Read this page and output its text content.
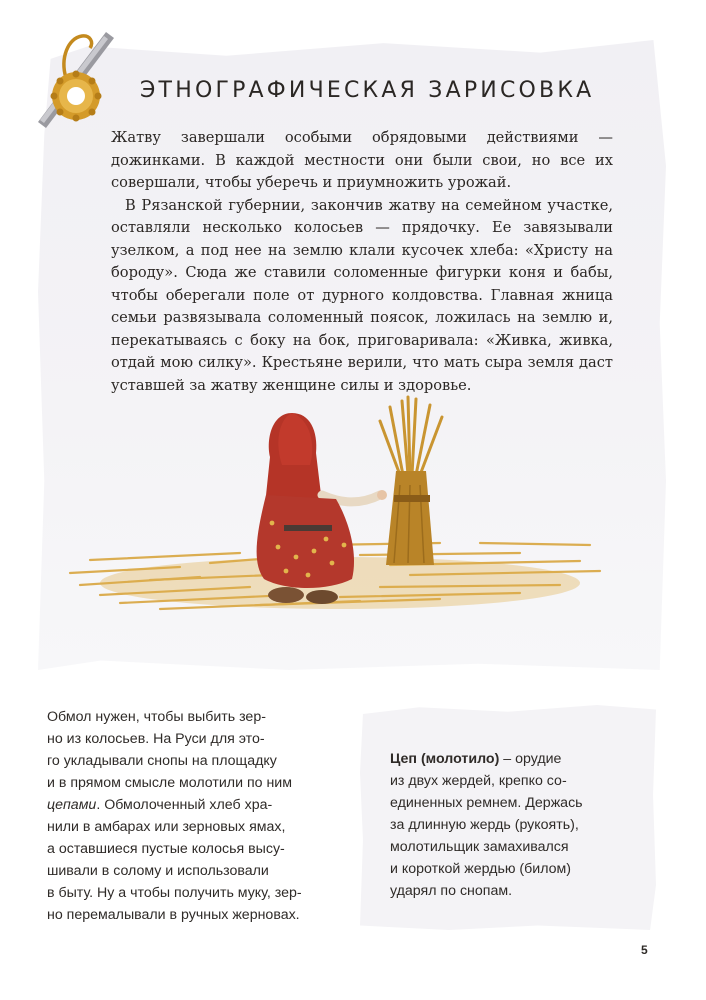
ЭТНОГРАФИЧЕСКАЯ ЗАРИСОВКА

Жатву завершали особыми обрядовыми действиями — дожинками. В каждой местности они были свои, но все их совершали, чтобы уберечь и приумножить урожай.

В Рязанской губернии, закончив жатву на семейном участке, оставляли несколько колосьев — прядочку. Ее завязывали узелком, а под нее на землю клали кусочек хлеба: «Христу на бороду». Сюда же ставили соломенные фигурки коня и бабы, чтобы оберегали поле от дурного колдовства. Главная жница семьи развязывала соломенный поясок, ложилась на землю и, перекатываясь с боку на бок, приговаривала: «Живка, живка, отдай мою силку». Крестьяне верили, что мать сыра земля даст уставшей за жатву женщине силы и здоровье.

Обмол нужен, чтобы выбить зер-
но из колосьев. На Руси для это-
го укладывали снопы на площадку
и в прямом смысле молотили по ним
цепами. Обмолоченный хлеб хра-
нили в амбарах или зерновых ямах,
а оставшиеся пустые колосья высу-
шивали в солому и использовали
в быту. Ну а чтобы получить муку, зер-
но перемалывали в ручных жерновах.
Цеп (молотило) – орудие
из двух жердей, крепко со-
единенных ремнем. Держась
за длинную жердь (рукоять),
молотильщик замахивался
и короткой жердью (билом)
ударял по снопам.
5
